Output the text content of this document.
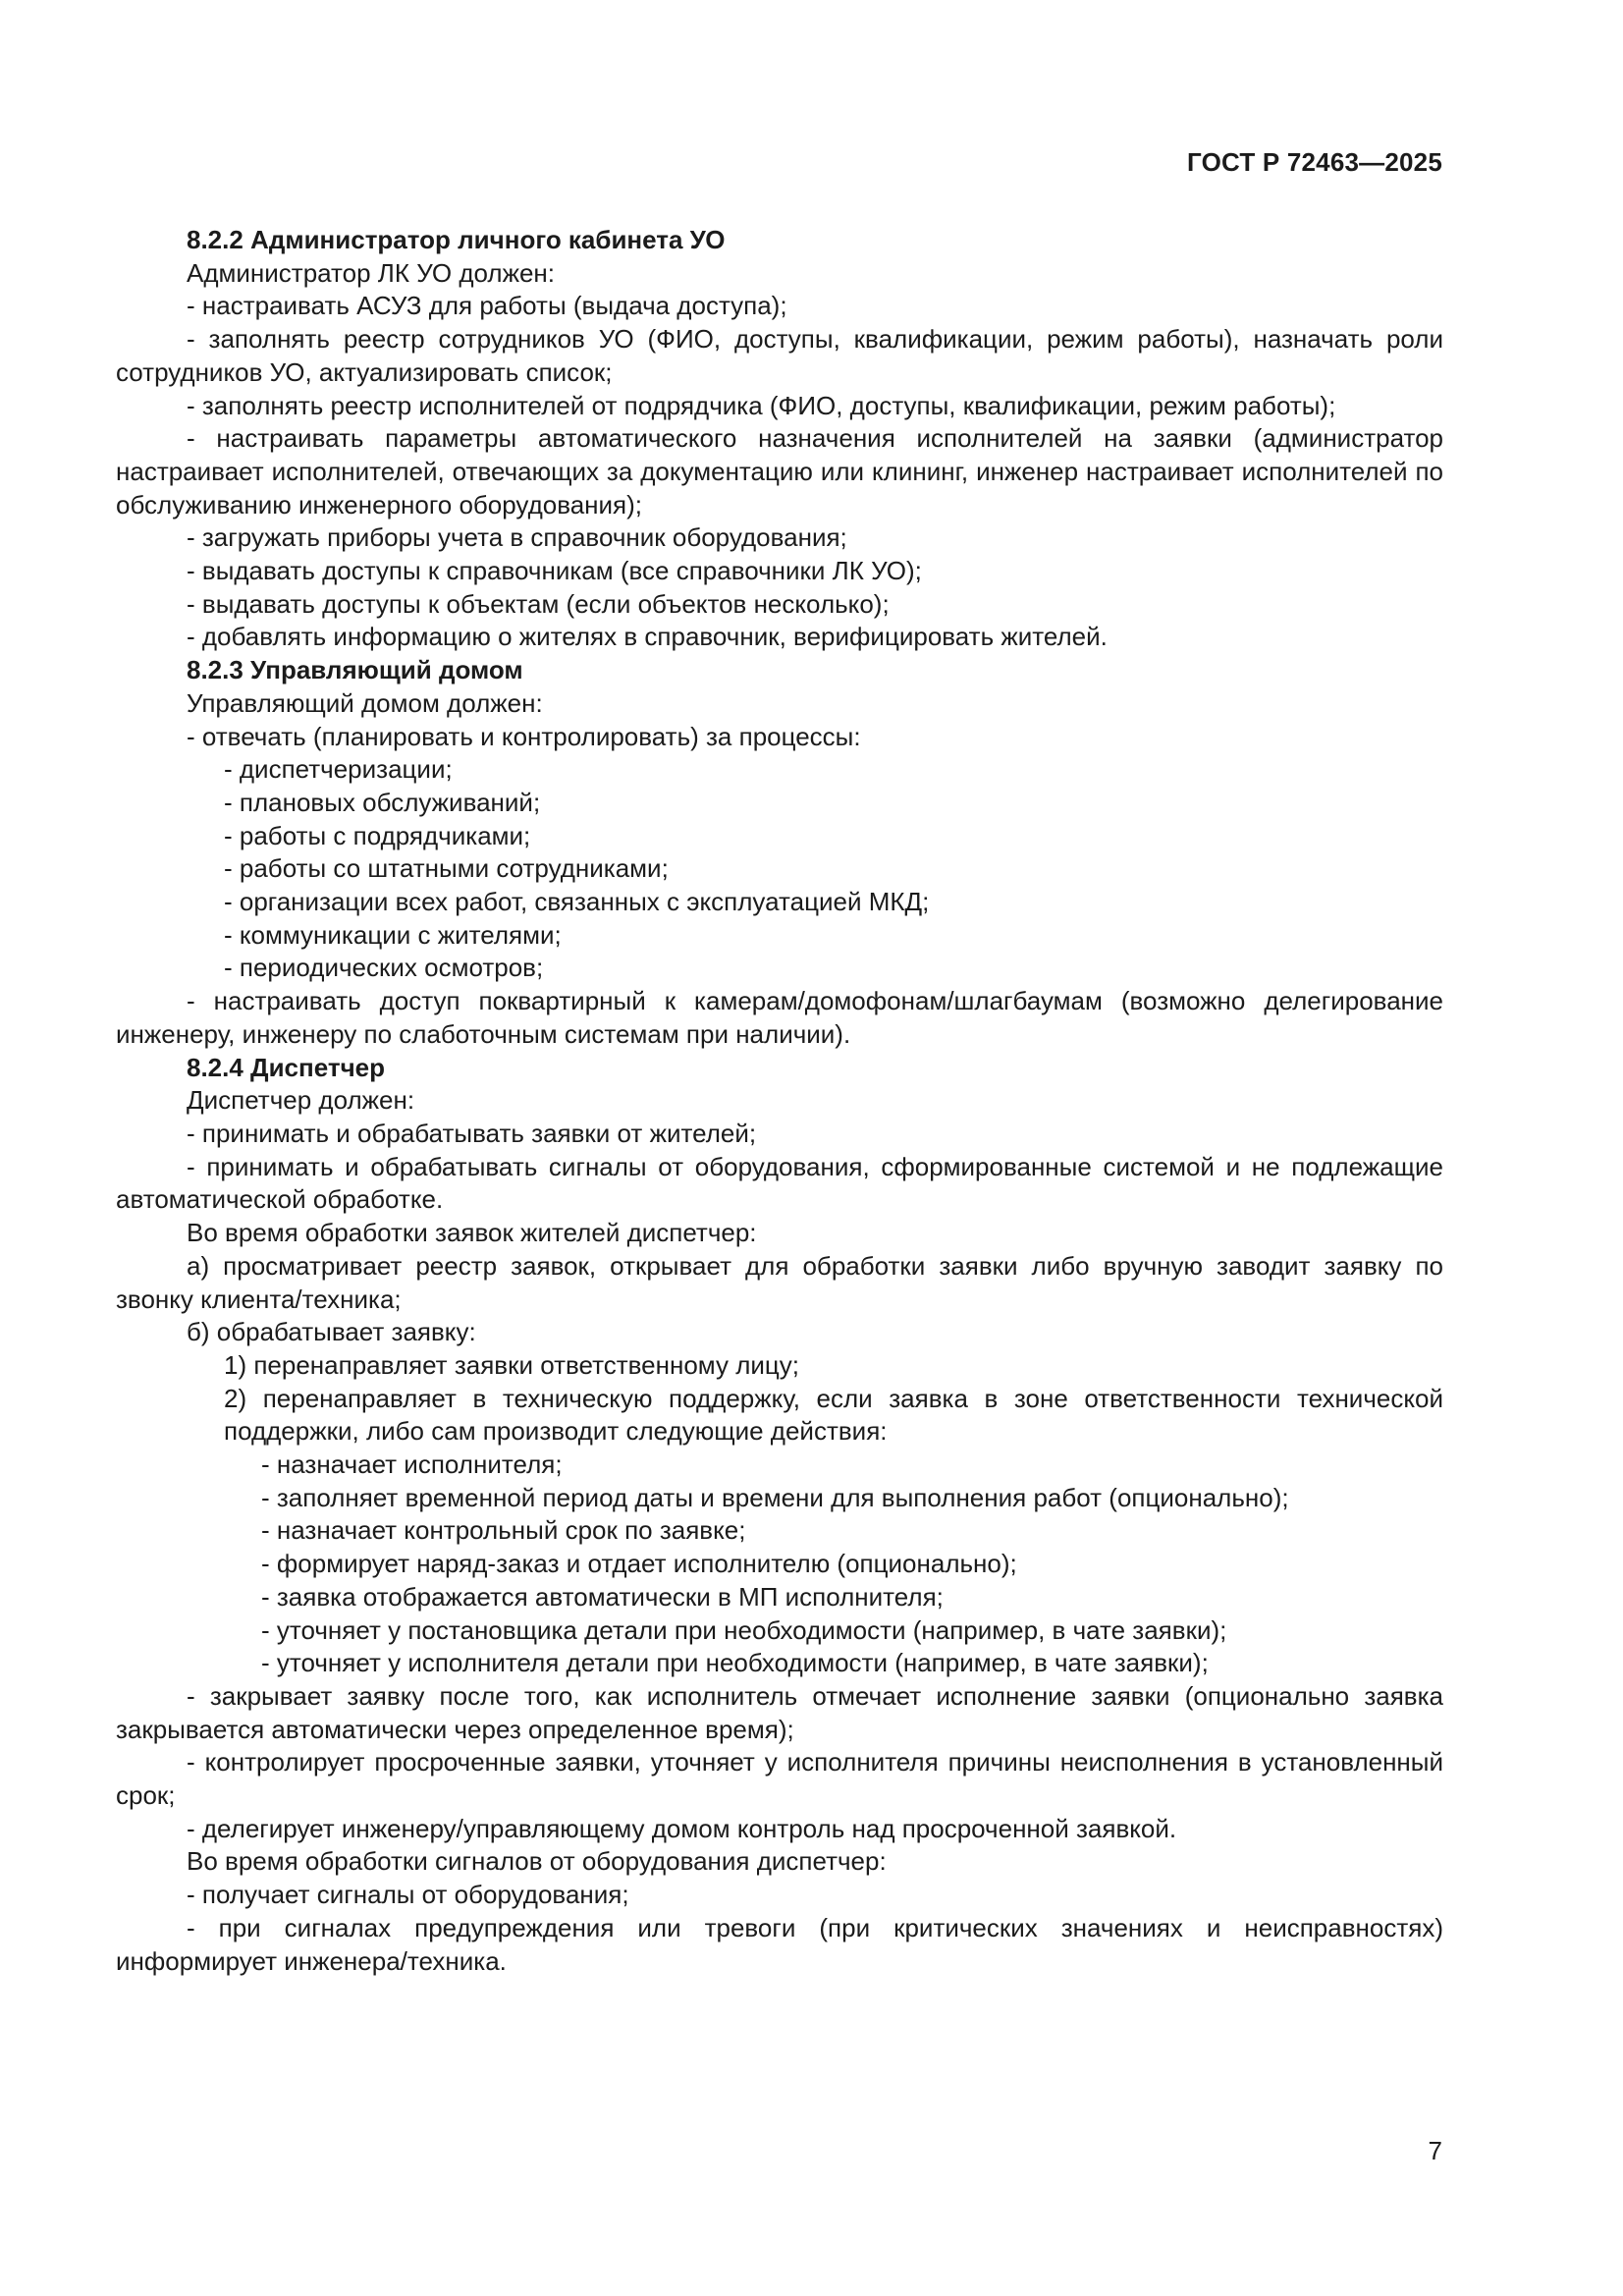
ГОСТ Р 72463—2025

8.2.2 Администратор личного кабинета УО

Администратор ЛК УО должен:

- настраивать АСУЗ для работы (выдача доступа);

- заполнять реестр сотрудников УО (ФИО, доступы, квалификации, режим работы), назначать роли сотрудников УО, актуализировать список;

- заполнять реестр исполнителей от подрядчика (ФИО, доступы, квалификации, режим работы);

- настраивать параметры автоматического назначения исполнителей на заявки (администратор настраивает исполнителей, отвечающих за документацию или клининг, инженер настраивает исполнителей по обслуживанию инженерного оборудования);

- загружать приборы учета в справочник оборудования;

- выдавать доступы к справочникам (все справочники ЛК УО);

- выдавать доступы к объектам (если объектов несколько);

- добавлять информацию о жителях в справочник, верифицировать жителей.

8.2.3 Управляющий домом

Управляющий домом должен:

- отвечать (планировать и контролировать) за процессы:

- диспетчеризации;

- плановых обслуживаний;

- работы с подрядчиками;

- работы со штатными сотрудниками;

- организации всех работ, связанных с эксплуатацией МКД;

- коммуникации с жителями;

- периодических осмотров;

- настраивать доступ поквартирный к камерам/домофонам/шлагбаумам (возможно делегирование инженеру, инженеру по слаботочным системам при наличии).

8.2.4 Диспетчер

Диспетчер должен:

- принимать и обрабатывать заявки от жителей;

- принимать и обрабатывать сигналы от оборудования, сформированные системой и не подлежащие автоматической обработке.

Во время обработки заявок жителей диспетчер:

а) просматривает реестр заявок, открывает для обработки заявки либо вручную заводит заявку по звонку клиента/техника;

б) обрабатывает заявку:

1) перенаправляет заявки ответственному лицу;

2) перенаправляет в техническую поддержку, если заявка в зоне ответственности технической поддержки, либо сам производит следующие действия:

- назначает исполнителя;

- заполняет временной период даты и времени для выполнения работ (опционально);

- назначает контрольный срок по заявке;

- формирует наряд-заказ и отдает исполнителю (опционально);

- заявка отображается автоматически в МП исполнителя;

- уточняет у постановщика детали при необходимости (например, в чате заявки);

- уточняет у исполнителя детали при необходимости (например, в чате заявки);

- закрывает заявку после того, как исполнитель отмечает исполнение заявки (опционально заявка закрывается автоматически через определенное время);

- контролирует просроченные заявки, уточняет у исполнителя причины неисполнения в установленный срок;

- делегирует инженеру/управляющему домом контроль над просроченной заявкой.

Во время обработки сигналов от оборудования диспетчер:

- получает сигналы от оборудования;

- при сигналах предупреждения или тревоги (при критических значениях и неисправностях) информирует инженера/техника.

7
